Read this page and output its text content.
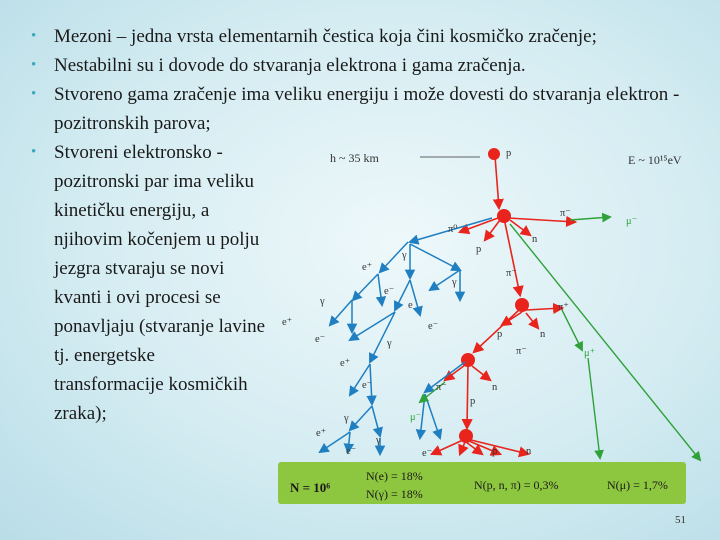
• Mezoni – jedna vrsta elementarnih čestica koja čini kosmičko zračenje;
• Nestabilni su i dovode do stvaranja elektrona i gama zračenja.
• Stvoreno gama zračenje ima veliku energiju i može dovesti do stvaranja elektron - pozitronskih parova;
• Stvoreni elektronsko -pozitronski par ima veliku kinetičku energiju, a njihovim kočenjem u polju jezgra stvaraju se novi kvanti i ovi procesi se ponavljaju (stvaranje lavine tj. energetske transformacije kosmičkih zraka);
h ~ 35 km	E ~ 10¹⁵eV
p
π⁻
μ⁻
π⁰
p
n
γ
e⁺
π⁻
γ
e⁻
γ	e	π⁺
e⁺	e⁻
p	n
e⁻	γ
π⁻	μ⁺
e⁺
e⁻	π⁻	n
p
μ⁻
γ
γ
e⁺
e⁻	e⁻	p	n
N = 10⁶
N(e) = 18%
N(γ) = 18%
N(p, n, π) = 0,3%	N(μ) = 1,7%
51
